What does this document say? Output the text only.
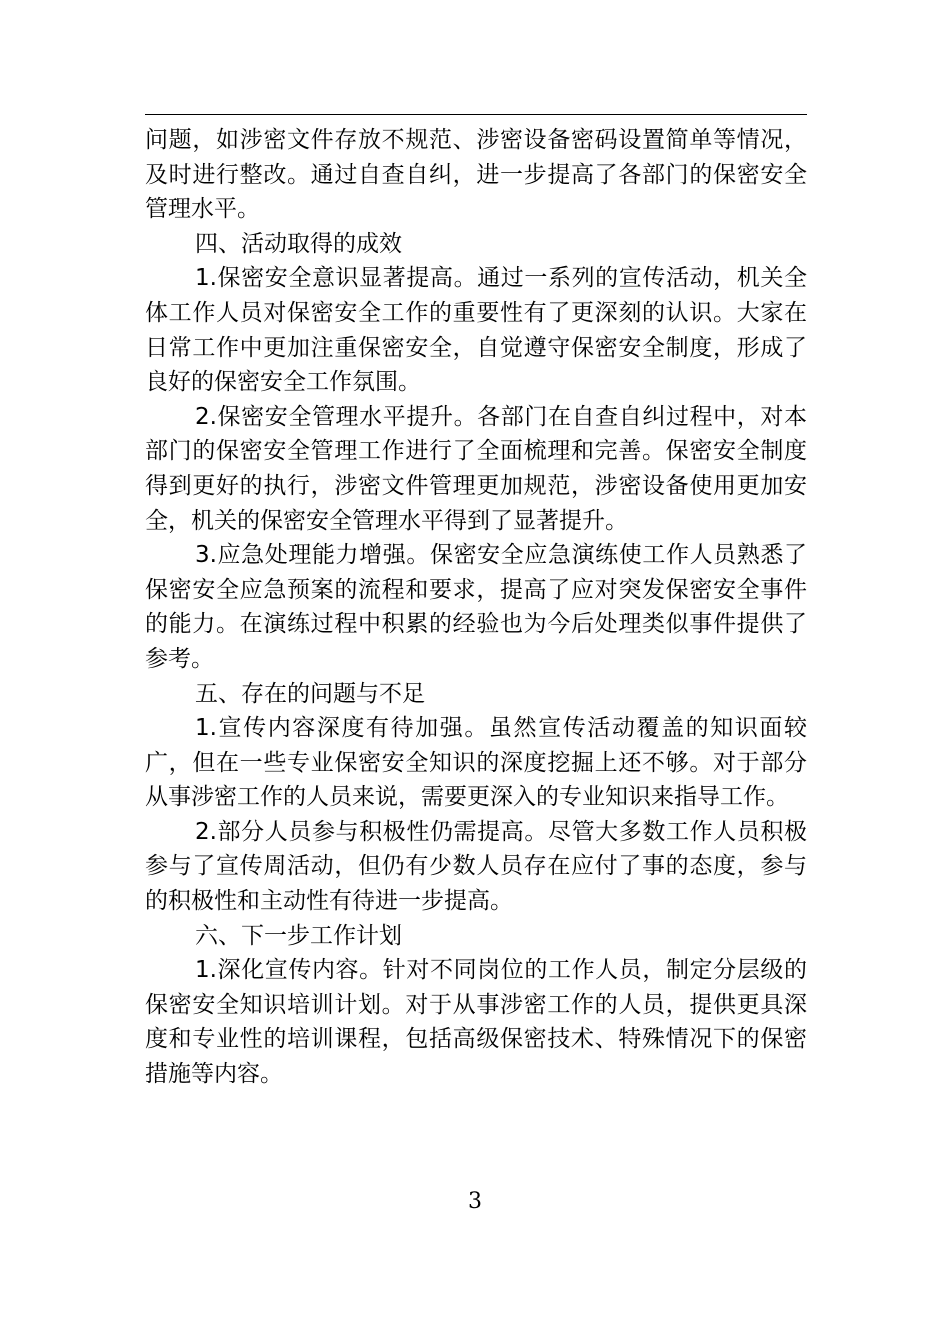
问题，如涉密文件存放不规范、涉密设备密码设置简单等情况，及时进行整改。通过自查自纠，进一步提高了各部门的保密安全管理水平。

四、活动取得的成效

1.保密安全意识显著提高。通过一系列的宣传活动，机关全体工作人员对保密安全工作的重要性有了更深刻的认识。大家在日常工作中更加注重保密安全，自觉遵守保密安全制度，形成了良好的保密安全工作氛围。

2.保密安全管理水平提升。各部门在自查自纠过程中，对本部门的保密安全管理工作进行了全面梳理和完善。保密安全制度得到更好的执行，涉密文件管理更加规范，涉密设备使用更加安全，机关的保密安全管理水平得到了显著提升。

3.应急处理能力增强。保密安全应急演练使工作人员熟悉了保密安全应急预案的流程和要求，提高了应对突发保密安全事件的能力。在演练过程中积累的经验也为今后处理类似事件提供了参考。

五、存在的问题与不足

1.宣传内容深度有待加强。虽然宣传活动覆盖的知识面较广，但在一些专业保密安全知识的深度挖掘上还不够。对于部分从事涉密工作的人员来说，需要更深入的专业知识来指导工作。

2.部分人员参与积极性仍需提高。尽管大多数工作人员积极参与了宣传周活动，但仍有少数人员存在应付了事的态度，参与的积极性和主动性有待进一步提高。

六、下一步工作计划

1.深化宣传内容。针对不同岗位的工作人员，制定分层级的保密安全知识培训计划。对于从事涉密工作的人员，提供更具深度和专业性的培训课程，包括高级保密技术、特殊情况下的保密措施等内容。

3
